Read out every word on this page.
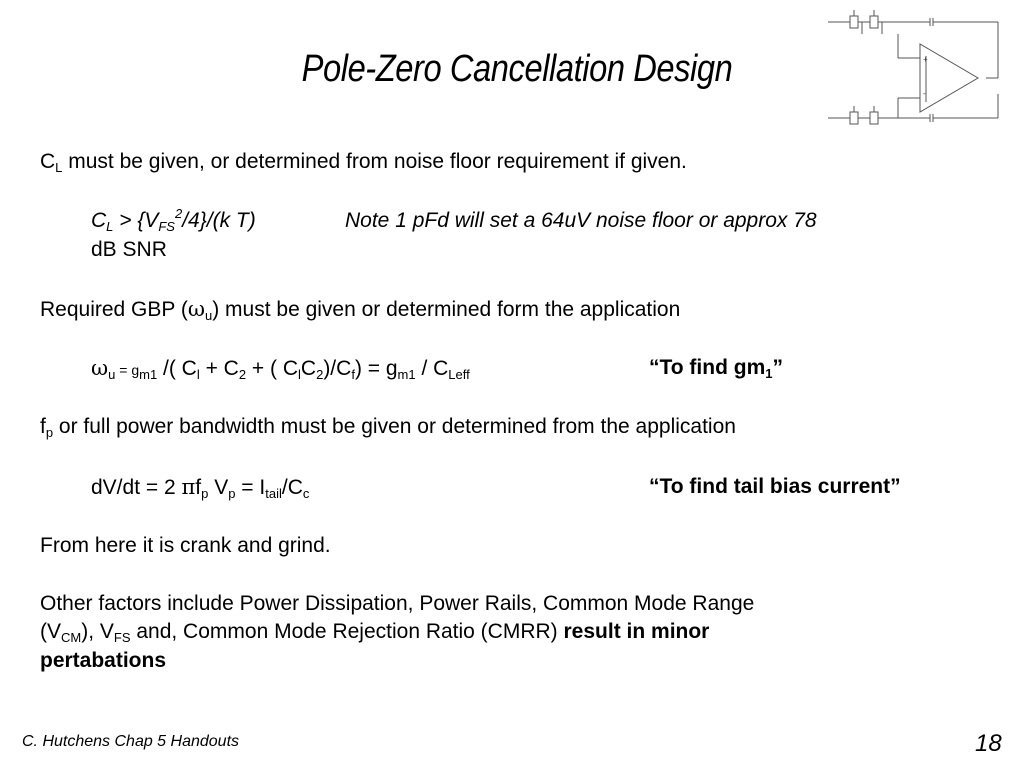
Pole-Zero Cancellation Design	+
-
$C_L$ must be given, or determined from noise floor requirement if given.
$C_L > \{V_{FS}^2/4\}/(k$ T)	Note 1 pFd will set a 64uV noise floor or approx 78
dB SNR
Required GBP $(\omega_u)$ must be given or determined form the application
$\omega_u = g_{m1}$ /( $C_l + C_2$ + ( $C_lC_2)/C_f) = g_{m1} / C_{Leff}$	“To find $gm_1$”
$f_p$ or full power bandwidth must be given or determined from the application
dV/dt = 2 $\pi f_p$ $V_p = I_{tail}/C_c$	“To find tail bias current”
From here it is crank and grind.
Other factors include Power Dissipation, Power Rails, Common Mode Range
$(V_{CM})$, $V_{FS}$ and, Common Mode Rejection Ratio (CMRR) result in minor
pertabations
C. Hutchens Chap 5 Handouts	18
